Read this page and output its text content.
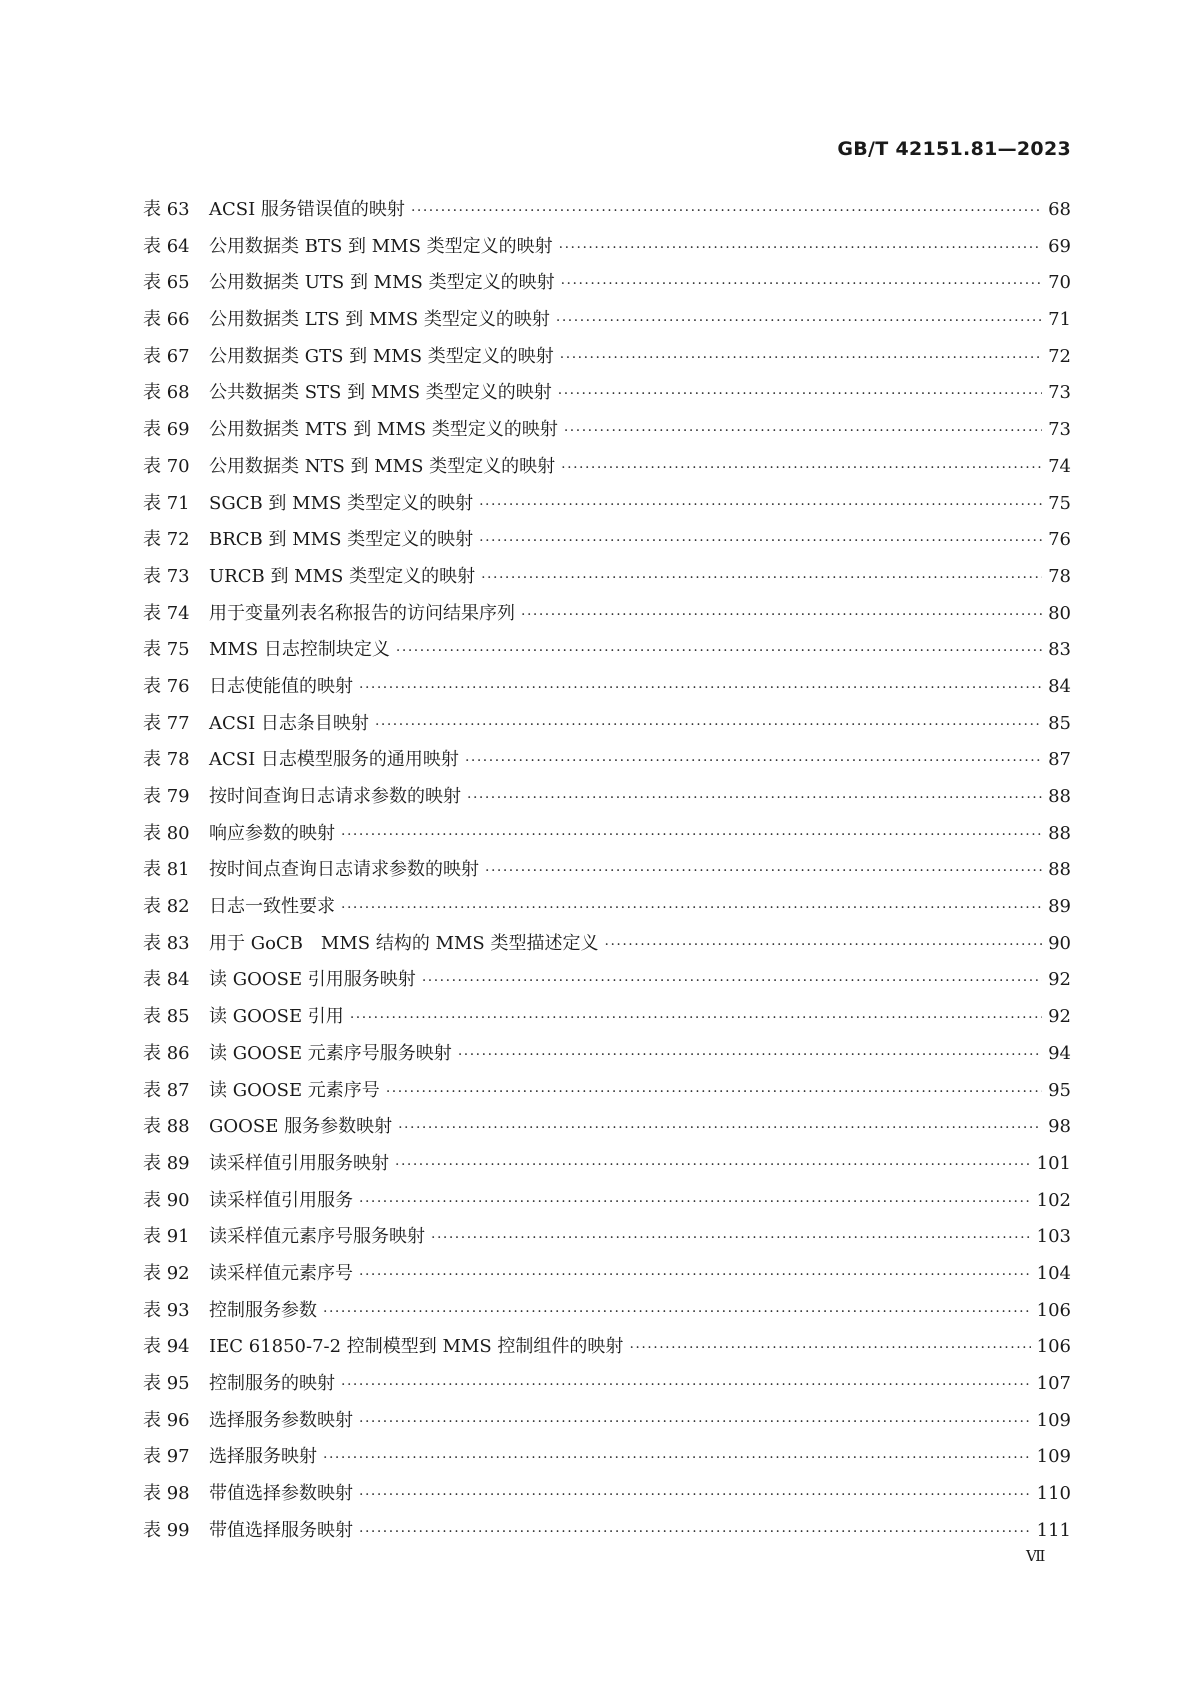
GB/T 42151.81—2023
表 63	ACSI 服务错误值的映射 ·····	68
表 64	公用数据类 BTS 到 MMS 类型定义的映射 ·····	69
表 65	公用数据类 UTS 到 MMS 类型定义的映射 ·····	70
表 66	公用数据类 LTS 到 MMS 类型定义的映射 ·····	71
表 67	公用数据类 GTS 到 MMS 类型定义的映射 ·····	72
表 68	公共数据类 STS 到 MMS 类型定义的映射 ·····	73
表 69	公用数据类 MTS 到 MMS 类型定义的映射 ·····	73
表 70	公用数据类 NTS 到 MMS 类型定义的映射 ·····	74
表 71	SGCB 到 MMS 类型定义的映射 ·····	75
表 72	BRCB 到 MMS 类型定义的映射 ·····	76
表 73	URCB 到 MMS 类型定义的映射 ·····	78
表 74	用于变量列表名称报告的访问结果序列 ·····	80
表 75	MMS 日志控制块定义 ·····	83
表 76	日志使能值的映射 ·····	84
表 77	ACSI 日志条目映射 ·····	85
表 78	ACSI 日志模型服务的通用映射 ·····	87
表 79	按时间查询日志请求参数的映射 ·····	88
表 80	响应参数的映射 ·····	88
表 81	按时间点查询日志请求参数的映射 ·····	88
表 82	日志一致性要求 ·····	89
表 83	用于 GoCB　MMS 结构的 MMS 类型描述定义 ·····	90
表 84	读 GOOSE 引用服务映射 ·····	92
表 85	读 GOOSE 引用 ·····	92
表 86	读 GOOSE 元素序号服务映射 ·····	94
表 87	读 GOOSE 元素序号 ·····	95
表 88	GOOSE 服务参数映射 ·····	98
表 89	读采样值引用服务映射 ·····	101
表 90	读采样值引用服务 ·····	102
表 91	读采样值元素序号服务映射 ·····	103
表 92	读采样值元素序号 ·····	104
表 93	控制服务参数 ·····	106
表 94	IEC 61850-7-2 控制模型到 MMS 控制组件的映射 ·····	106
表 95	控制服务的映射 ·····	107
表 96	选择服务参数映射 ·····	109
表 97	选择服务映射 ·····	109
表 98	带值选择参数映射 ·····	110
表 99	带值选择服务映射 ·····	111
Ⅶ
